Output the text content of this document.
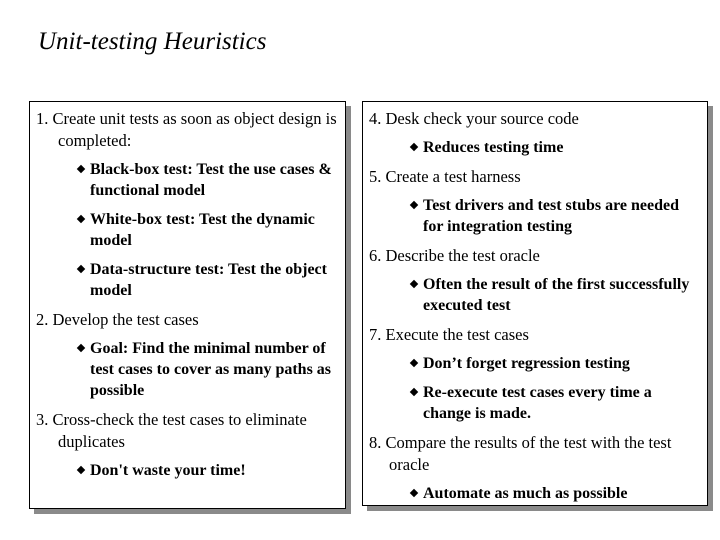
Unit-testing Heuristics
1. Create unit tests as soon as object design is completed:
Black-box test: Test the use cases & functional model
White-box test: Test the dynamic model
Data-structure test: Test the object model
2. Develop the test cases
Goal: Find the minimal number of test cases to cover as many paths as possible
3. Cross-check the test cases to eliminate duplicates
Don't waste your time!
4. Desk check your source code
Reduces testing time
5. Create a test harness
Test drivers and test stubs are needed for integration testing
6. Describe the test oracle
Often the result of the first successfully executed test
7. Execute the test cases
Don’t forget regression testing
Re-execute test cases every time a change is made.
8. Compare the results of the test with the test oracle
Automate as much as possible
